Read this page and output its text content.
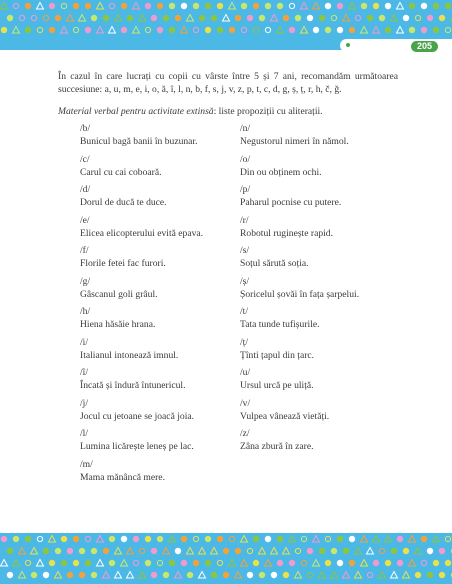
205

În cazul în care lucrați cu copii cu vârste între 5 și 7 ani, recomandăm următoarea succesiune: a, u, m, e, i, o, ă, î, l, n, b, f, s, j, v, z, p, t, c, d, g, ș, ț, r, h, č, ğ.

Material verbal pentru activitate extinsă: liste propoziții cu aliterații.

/b/
Bunicul bagă banii în buzunar.
/c/
Carul cu cai coboară.
/d/
Dorul de ducă te duce.
/e/
Elicea elicopterului evită epava.
/f/
Florile fetei fac furori.
/g/
Gâscanul goli grâul.
/h/
Hiena hăsăie hrana.
/i/
Italianul intonează imnul.
/î/
Încată și îndură întunericul.
/j/
Jocul cu jetoane se joacă joia.
/l/
Lumina licărește leneș pe lac.
/m/
Mama mănâncă mere.
/n/
Negustorul nimeri în nămol.
/o/
Din ou obținem ochi.
/p/
Paharul pocnise cu putere.
/r/
Robotul ruginește rapid.
/s/
Soțul sărută soția.
/ș/
Șoricelul șovăi în fața șarpelui.
/t/
Tata tunde tufișurile.
/ț/
Țînti țapul din țarc.
/u/
Ursul urcă pe uliță.
/v/
Vulpea vânează vietăți.
/z/
Zâna zbură în zare.
